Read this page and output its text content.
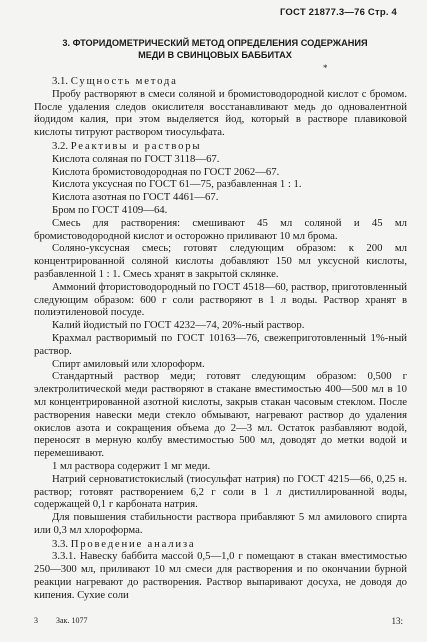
ГОСТ 21877.3—76 Стр. 4
3. ФТОРИДОМЕТРИЧЕСКИЙ МЕТОД ОПРЕДЕЛЕНИЯ СОДЕРЖАНИЯ
МЕДИ В СВИНЦОВЫХ БАББИТАХ
*

3.1. Сущность метода

Пробу растворяют в смеси соляной и бромистоводородной кислот с бромом. После удаления следов окислителя восстанавливают медь до одновалентной йодидом калия, при этом выделяется йод, который в растворе плавиковой кислоты титруют раствором тиосульфата.

3.2. Реактивы и растворы

Кислота соляная по ГОСТ 3118—67.

Кислота бромистоводородная по ГОСТ 2062—67.

Кислота уксусная по ГОСТ 61—75, разбавленная 1 : 1.

Кислота азотная по ГОСТ 4461—67.

Бром по ГОСТ 4109—64.

Смесь для растворения: смешивают 45 мл соляной и 45 мл бромистоводородной кислот и осторожно приливают 10 мл брома.

Соляно-уксусная смесь; готовят следующим образом: к 200 мл концентрированной соляной кислоты добавляют 150 мл уксусной кислоты, разбавленной 1 : 1. Смесь хранят в закрытой склянке.

Аммоний фтористоводородный по ГОСТ 4518—60, раствор, приготовленный следующим образом: 600 г соли растворяют в 1 л воды. Раствор хранят в полиэтиленовой посуде.

Калий йодистый по ГОСТ 4232—74, 20%-ный раствор.

Крахмал растворимый по ГОСТ 10163—76, свежеприготовленный 1%-ный раствор.

Спирт амиловый или хлороформ.

Стандартный раствор меди; готовят следующим образом: 0,500 г электролитической меди растворяют в стакане вместимостью 400—500 мл в 10 мл концентрированной азотной кислоты, закрыв стакан часовым стеклом. После растворения навески меди стекло обмывают, нагревают раствор до удаления окислов азота и сокращения объема до 2—3 мл. Остаток разбавляют водой, переносят в мерную колбу вместимостью 500 мл, доводят до метки водой и перемешивают.

1 мл раствора содержит 1 мг меди.

Натрий серноватистокислый (тиосульфат натрия) по ГОСТ 4215—66, 0,25 н. раствор; готовят растворением 6,2 г соли в 1 л дистиллированной воды, содержащей 0,1 г карбоната натрия.

Для повышения стабильности раствора прибавляют 5 мл амилового спирта или 0,3 мл хлороформа.

3.3. Проведение анализа

3.3.1. Навеску баббита массой 0,5—1,0 г помещают в стакан вместимостью 250—300 мл, приливают 10 мл смеси для растворения и по окончании бурной реакции нагревают до растворения. Раствор выпаривают досуха, не доводя до кипения. Сухие соли

3 Зак. 1077	13:
